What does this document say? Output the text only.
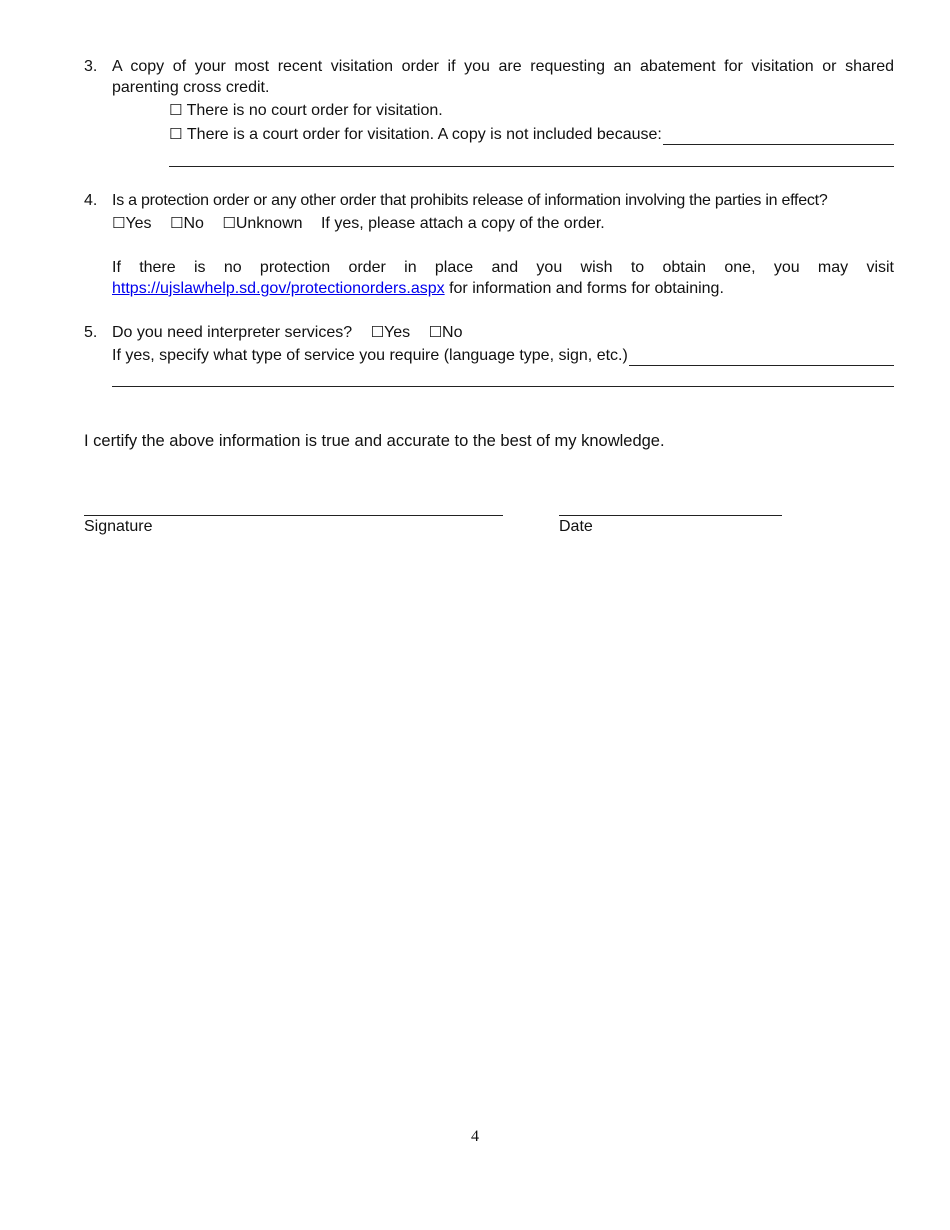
3. A copy of your most recent visitation order if you are requesting an abatement for visitation or shared
parenting cross credit.
☐ There is no court order for visitation.
☐
There is a court order for visitation. A copy is not included because:
4. Is a protection order or any other order that prohibits release of information involving the parties in effect?
☐Yes ☐No ☐Unknown If yes, please attach a copy of the order.
If there is no protection order in place and you wish to obtain one, you may visit
https://ujslawhelp.sd.gov/protectionorders.aspx for information and forms for obtaining.
5. Do you need interpreter services? ☐Yes ☐No
If yes, specify what type of service you require (language type, sign, etc.)
I certify the above information is true and accurate to the best of my knowledge.
Signature	Date
4
